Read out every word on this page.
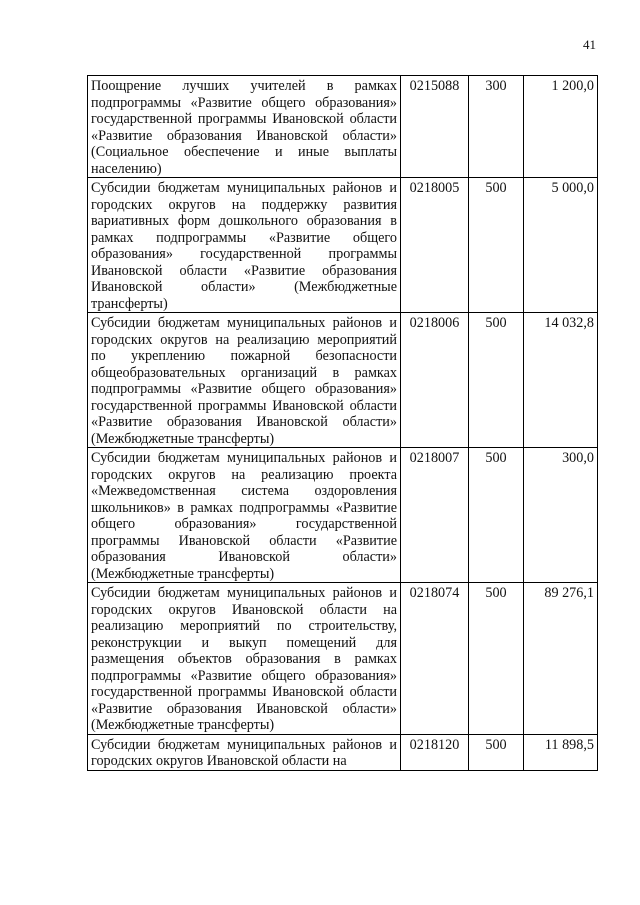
41
Поощрение лучших учителей в рамках подпрограммы «Развитие общего образования» государственной программы Ивановской области «Развитие образования Ивановской области» (Социальное обеспечение и иные выплаты населению)	0215088	300	1 200,0
Субсидии бюджетам муниципальных районов и городских округов на поддержку развития вариативных форм дошкольного образования в рамках подпрограммы «Развитие общего образования» государственной программы Ивановской области «Развитие образования Ивановской области» (Межбюджетные трансферты)	0218005	500	5 000,0
Субсидии бюджетам муниципальных районов и городских округов на реализацию мероприятий по укреплению пожарной безопасности общеобразовательных организаций в рамках подпрограммы «Развитие общего образования» государственной программы Ивановской области «Развитие образования Ивановской области» (Межбюджетные трансферты)	0218006	500	14 032,8
Субсидии бюджетам муниципальных районов и городских округов на реализацию проекта «Межведомственная система оздоровления школьников» в рамках подпрограммы «Развитие общего образования» государственной программы Ивановской области «Развитие образования Ивановской области» (Межбюджетные трансферты)	0218007	500	300,0
Субсидии бюджетам муниципальных районов и городских округов Ивановской области на реализацию мероприятий по строительству, реконструкции и выкуп помещений для размещения объектов образования в рамках подпрограммы «Развитие общего образования» государственной программы Ивановской области «Развитие образования Ивановской области» (Межбюджетные трансферты)	0218074	500	89 276,1

Субсидии бюджетам муниципальных районов и городских округов Ивановской области на	0218120	500	11 898,5
